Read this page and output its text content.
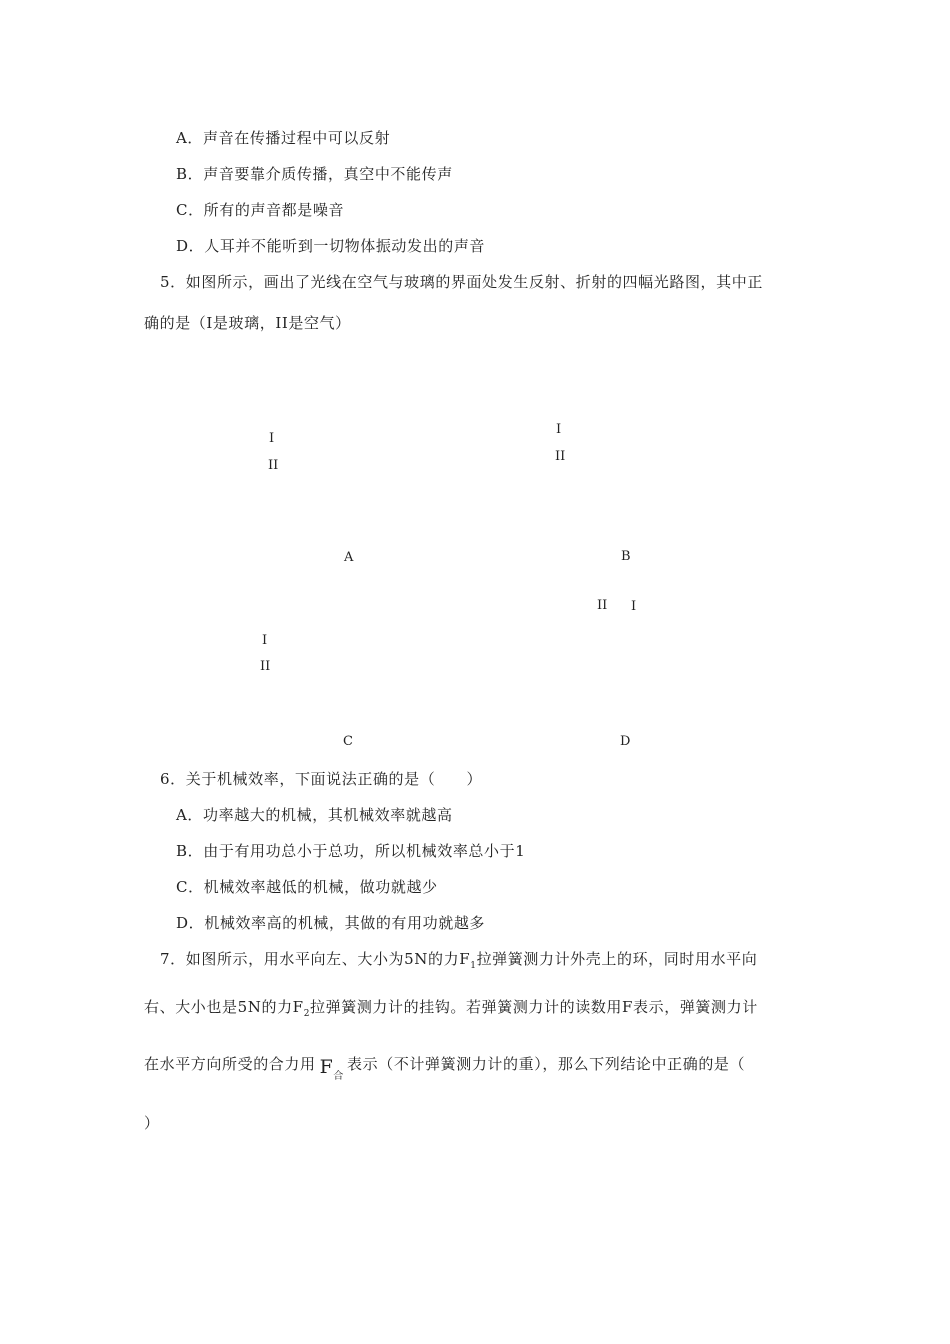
A．声音在传播过程中可以反射
B．声音要靠介质传播，真空中不能传声
C．所有的声音都是噪音
D．人耳并不能听到一切物体振动发出的声音
5．如图所示，画出了光线在空气与玻璃的界面处发生反射、折射的四幅光路图，其中正
确的是（I是玻璃，II是空气）
I
II
A
I
II
B
I
II
C
II I
D
6．关于机械效率，下面说法正确的是（　　）
A．功率越大的机械，其机械效率就越高
B．由于有用功总小于总功，所以机械效率总小于1
C．机械效率越低的机械，做功就越少
D．机械效率高的机械，其做的有用功就越多
7．如图所示，用水平向左、大小为5N的力$F_1$拉弹簧测力计外壳上的环，同时用水平向
右、大小也是5N的力$F_2$拉弹簧测力计的挂钩。若弹簧测力计的读数用F表示，弹簧测力计
在水平方向所受的合力用 $F_合$表示（不计弹簧测力计的重），那么下列结论中正确的是（
）
